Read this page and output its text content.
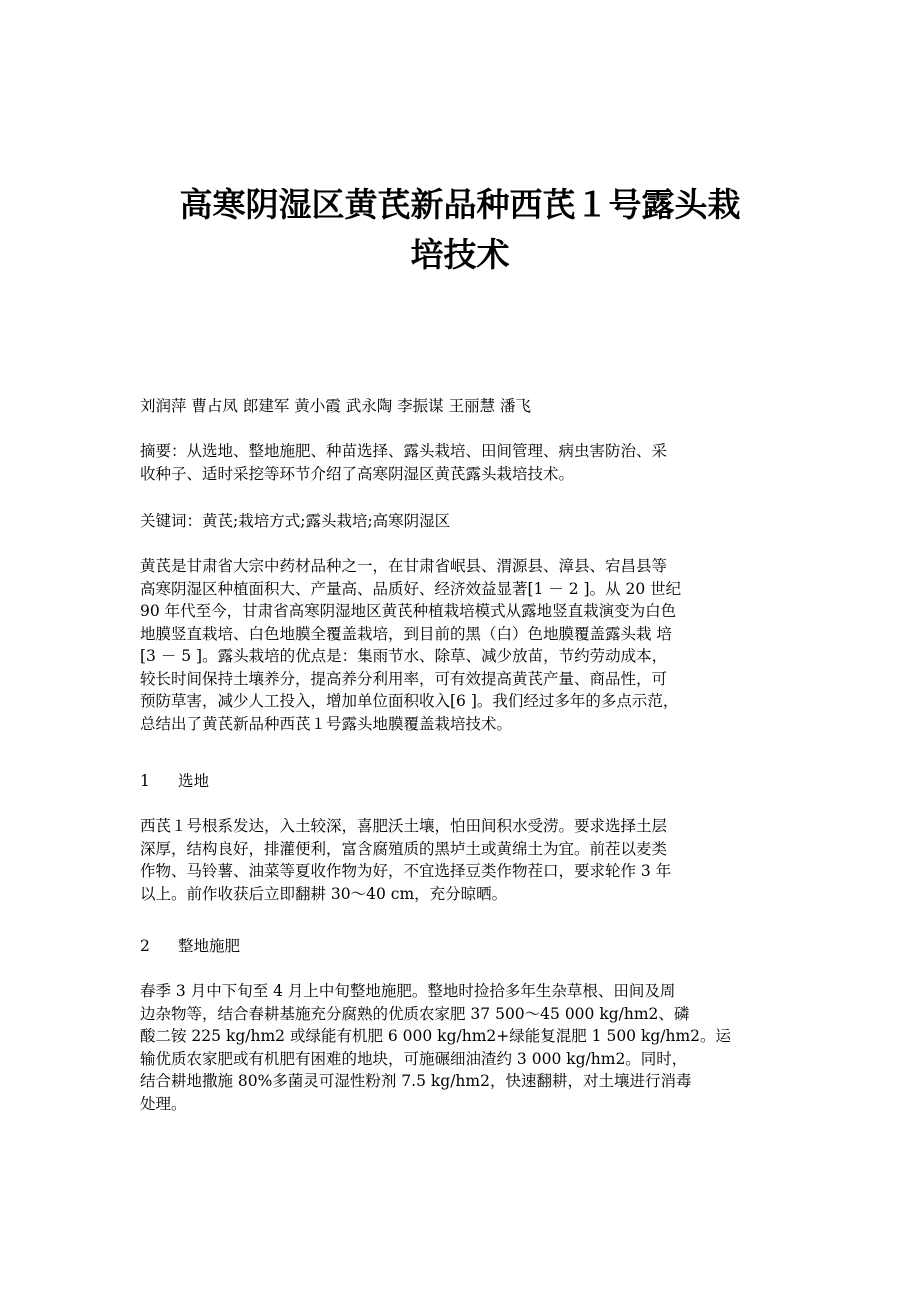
高寒阴湿区黄芪新品种西芪１号露头栽
培技术

刘润萍 曹占凤 郎建军 黄小霞 武永陶 李振谋 王丽慧 潘飞

摘要：从选地、整地施肥、种苗选择、露头栽培、田间管理、病虫害防治、采
收种子、适时采挖等环节介绍了高寒阴湿区黄芪露头栽培技术。

关键词：黄芪;栽培方式;露头栽培;高寒阴湿区

黄芪是甘肃省大宗中药材品种之一，在甘肃省岷县、渭源县、漳县、宕昌县等
高寒阴湿区种植面积大、产量高、品质好、经济效益显著[1 － 2 ]。从 20 世纪
90 年代至今，甘肃省高寒阴湿地区黄芪种植栽培模式从露地竖直栽演变为白色
地膜竖直栽培、白色地膜全覆盖栽培，到目前的黑（白）色地膜覆盖露头栽 培
[3 － 5 ]。露头栽培的优点是：集雨节水、除草、减少放苗，节约劳动成本，
较长时间保持土壤养分，提高养分利用率，可有效提高黄芪产量、商品性，可
预防草害，减少人工投入，增加单位面积收入[6 ]。我们经过多年的多点示范，
总结出了黄芪新品种西芪１号露头地膜覆盖栽培技术。

1 选地

西芪１号根系发达，入土较深，喜肥沃土壤，怕田间积水受涝。要求选择土层
深厚，结构良好，排灌便利，富含腐殖质的黑垆土或黄绵土为宜。前茬以麦类
作物、马铃薯、油菜等夏收作物为好，不宜选择豆类作物茬口，要求轮作 3 年
以上。前作收获后立即翻耕 30～40 cm，充分晾晒。

2 整地施肥

春季 3 月中下旬至 4 月上中旬整地施肥。整地时捡拾多年生杂草根、田间及周
边杂物等，结合春耕基施充分腐熟的优质农家肥 37 500～45 000 kg/hm2、磷
酸二铵 225 kg/hm2 或绿能有机肥 6 000 kg/hm2+绿能复混肥 1 500 kg/hm2。运
输优质农家肥或有机肥有困难的地块，可施碾细油渣约 3 000 kg/hm2。同时，
结合耕地撒施 80%多菌灵可湿性粉剂 7.5 kg/hm2，快速翻耕，对土壤进行消毒
处理。
